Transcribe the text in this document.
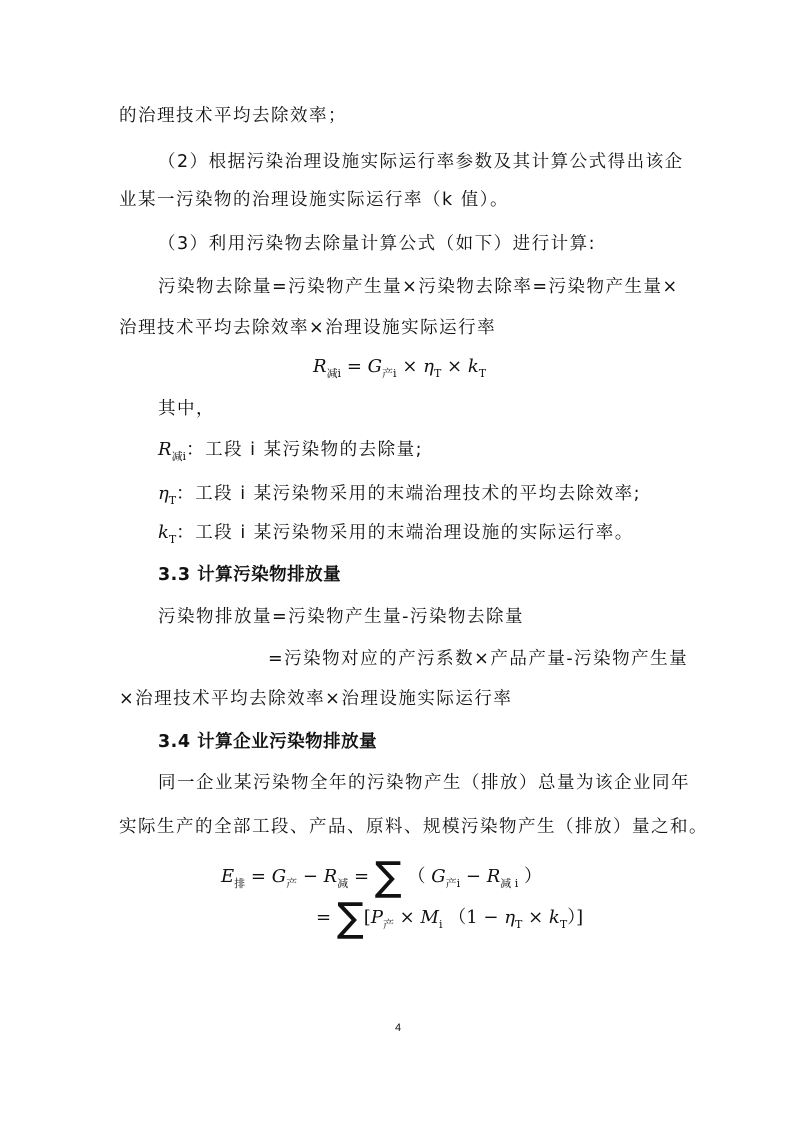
的治理技术平均去除效率；
（2）根据污染治理设施实际运行率参数及其计算公式得出该企
业某一污染物的治理设施实际运行率（k 值）。
（3）利用污染物去除量计算公式（如下）进行计算:
污染物去除量=污染物产生量×污染物去除率=污染物产生量×
治理技术平均去除效率×治理设施实际运行率
$R_{减i} = G_{产i} \times \eta_T \times k_T$
其中，
$R_{减i}$：工段 i 某污染物的去除量;
$\eta_T$：工段 i 某污染物采用的末端治理技术的平均去除效率;
$k_T$：工段 i 某污染物采用的末端治理设施的实际运行率。
3.3 计算污染物排放量
污染物排放量=污染物产生量-污染物去除量
=污染物对应的产污系数×产品产量-污染物产生量
×治理技术平均去除效率×治理设施实际运行率
3.4 计算企业污染物排放量
同一企业某污染物全年的污染物产生（排放）总量为该企业同年
实际生产的全部工段、产品、原料、规模污染物产生（排放）量之和。
$E_排 = G_产 - R_减$ = ∑ （ $G_{产i} - R_{减 i}$ ）
= $\sum[P_产 \times M_i$ $(1 - \eta_T \times k_T)$]
4
